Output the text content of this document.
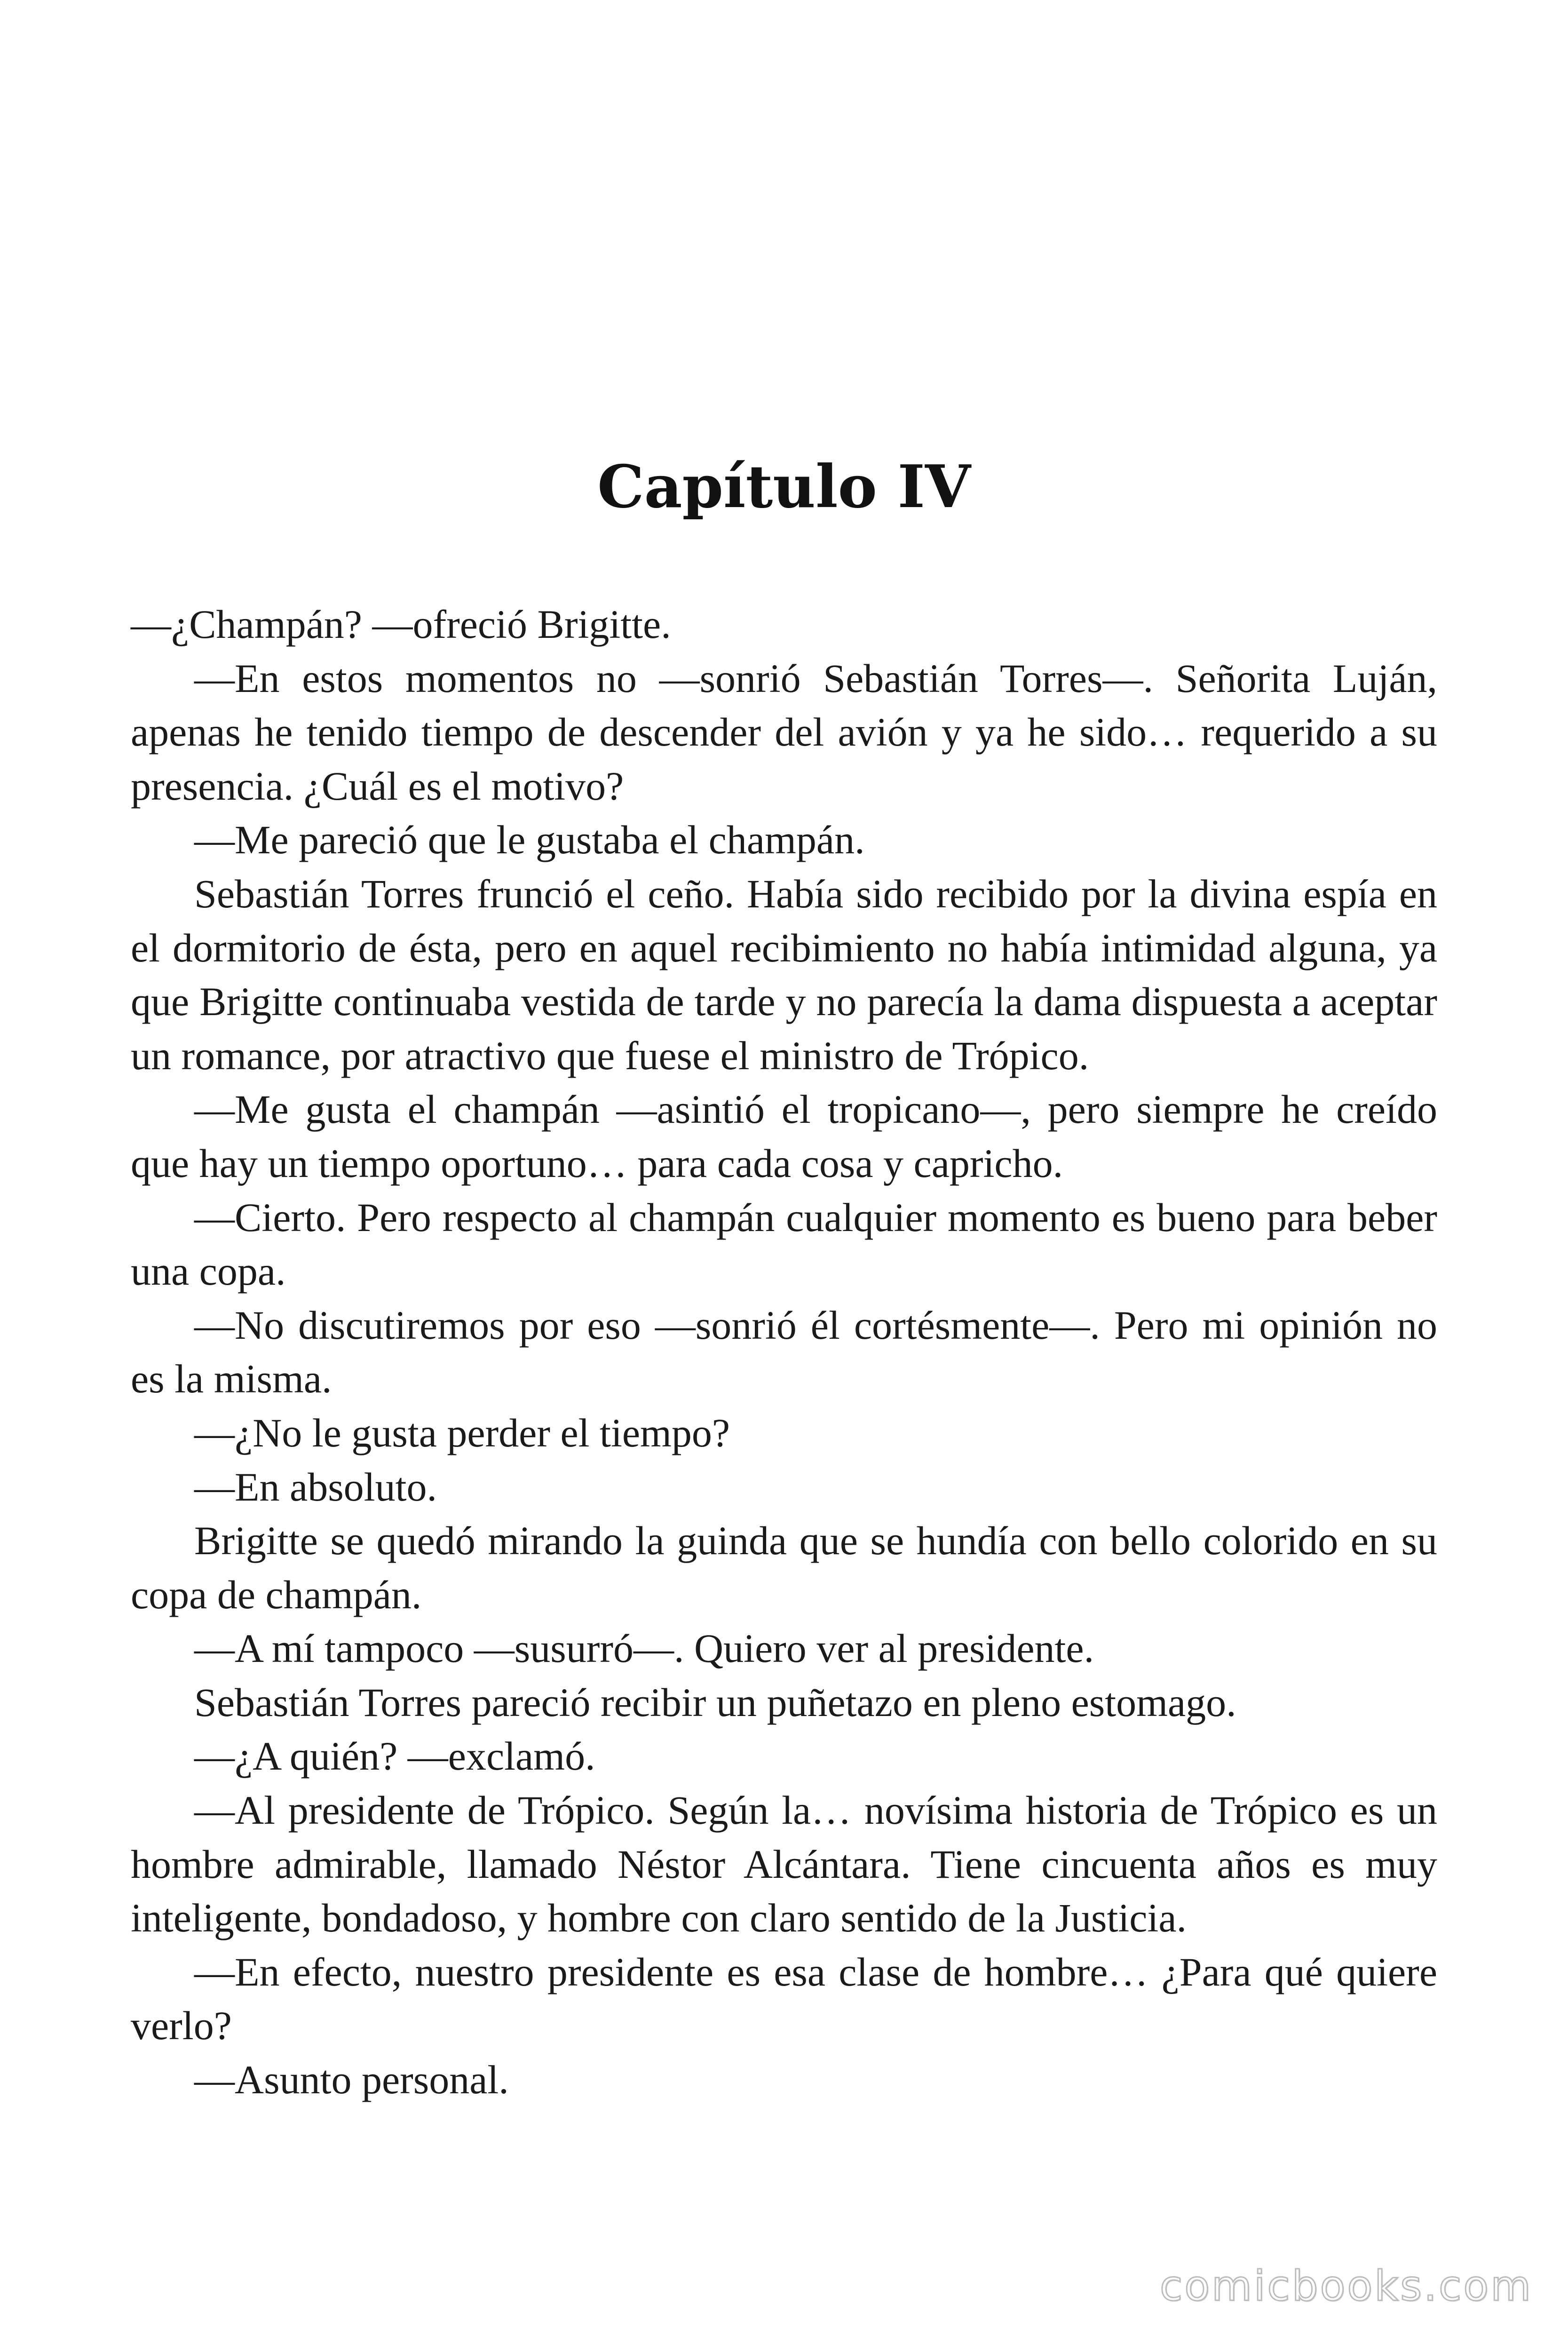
Capítulo IV

—¿Champán? —ofreció Brigitte.

—En estos momentos no —sonrió Sebastián Torres—. Señorita Luján, apenas he tenido tiempo de descender del avión y ya he sido… requerido a su presencia. ¿Cuál es el motivo?

—Me pareció que le gustaba el champán.

Sebastián Torres frunció el ceño. Había sido recibido por la divina espía en el dormitorio de ésta, pero en aquel recibimiento no había intimidad alguna, ya que Brigitte continuaba vestida de tarde y no parecía la dama dispuesta a aceptar un romance, por atractivo que fuese el ministro de Trópico.

—Me gusta el champán —asintió el tropicano—, pero siempre he creído que hay un tiempo oportuno… para cada cosa y capricho.

—Cierto. Pero respecto al champán cualquier momento es bueno para beber una copa.

—No discutiremos por eso —sonrió él cortésmente—. Pero mi opinión no es la misma.

—¿No le gusta perder el tiempo?

—En absoluto.

Brigitte se quedó mirando la guinda que se hundía con bello colorido en su copa de champán.

—A mí tampoco —susurró—. Quiero ver al presidente.

Sebastián Torres pareció recibir un puñetazo en pleno estomago.

—¿A quién? —exclamó.

—Al presidente de Trópico. Según la… novísima historia de Trópico es un hombre admirable, llamado Néstor Alcántara. Tiene cincuenta años es muy inteligente, bondadoso, y hombre con claro sentido de la Justicia.

—En efecto, nuestro presidente es esa clase de hombre… ¿Para qué quiere verlo?

—Asunto personal.

comicbooks.com
